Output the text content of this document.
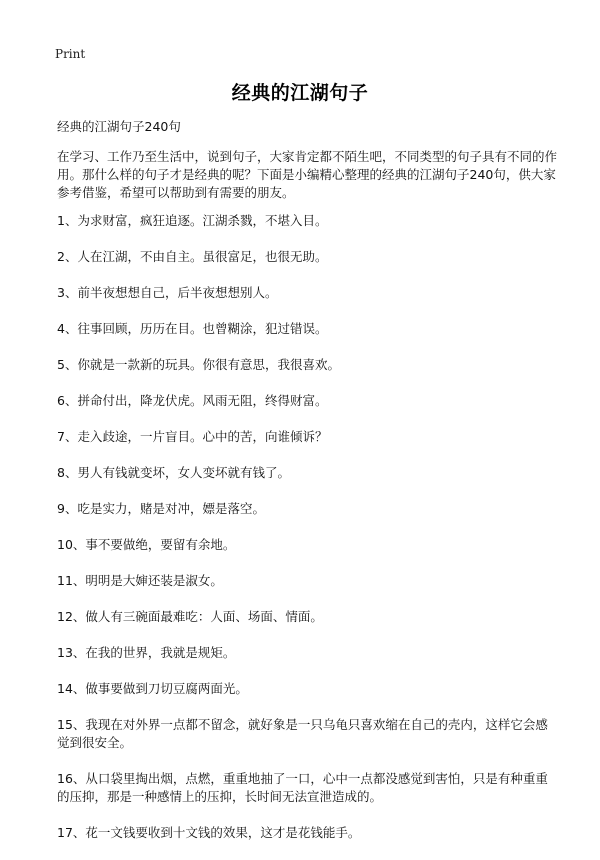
Print
经典的江湖句子
经典的江湖句子240句
在学习、工作乃至生活中，说到句子，大家肯定都不陌生吧，不同类型的句子具有不同的作用。那什么样的句子才是经典的呢？下面是小编精心整理的经典的江湖句子240句，供大家参考借鉴，希望可以帮助到有需要的朋友。
1、为求财富，疯狂追逐。江湖杀戮，不堪入目。
2、人在江湖，不由自主。虽很富足，也很无助。
3、前半夜想想自己，后半夜想想别人。
4、往事回顾，历历在目。也曾糊涂，犯过错误。
5、你就是一款新的玩具。你很有意思，我很喜欢。
6、拼命付出，降龙伏虎。风雨无阻，终得财富。
7、走入歧途，一片盲目。心中的苦，向谁倾诉？
8、男人有钱就变坏，女人变坏就有钱了。
9、吃是实力，赌是对冲，嫖是落空。
10、事不要做绝，要留有余地。
11、明明是大婶还装是淑女。
12、做人有三碗面最难吃：人面、场面、情面。
13、在我的世界，我就是规矩。
14、做事要做到刀切豆腐两面光。
15、我现在对外界一点都不留念，就好象是一只乌龟只喜欢缩在自己的壳内，这样它会感觉到很安全。
16、从口袋里掏出烟，点燃，重重地抽了一口，心中一点都没感觉到害怕，只是有种重重的压抑，那是一种感情上的压抑，长时间无法宣泄造成的。
17、花一文钱要收到十文钱的效果，这才是花钱能手。
